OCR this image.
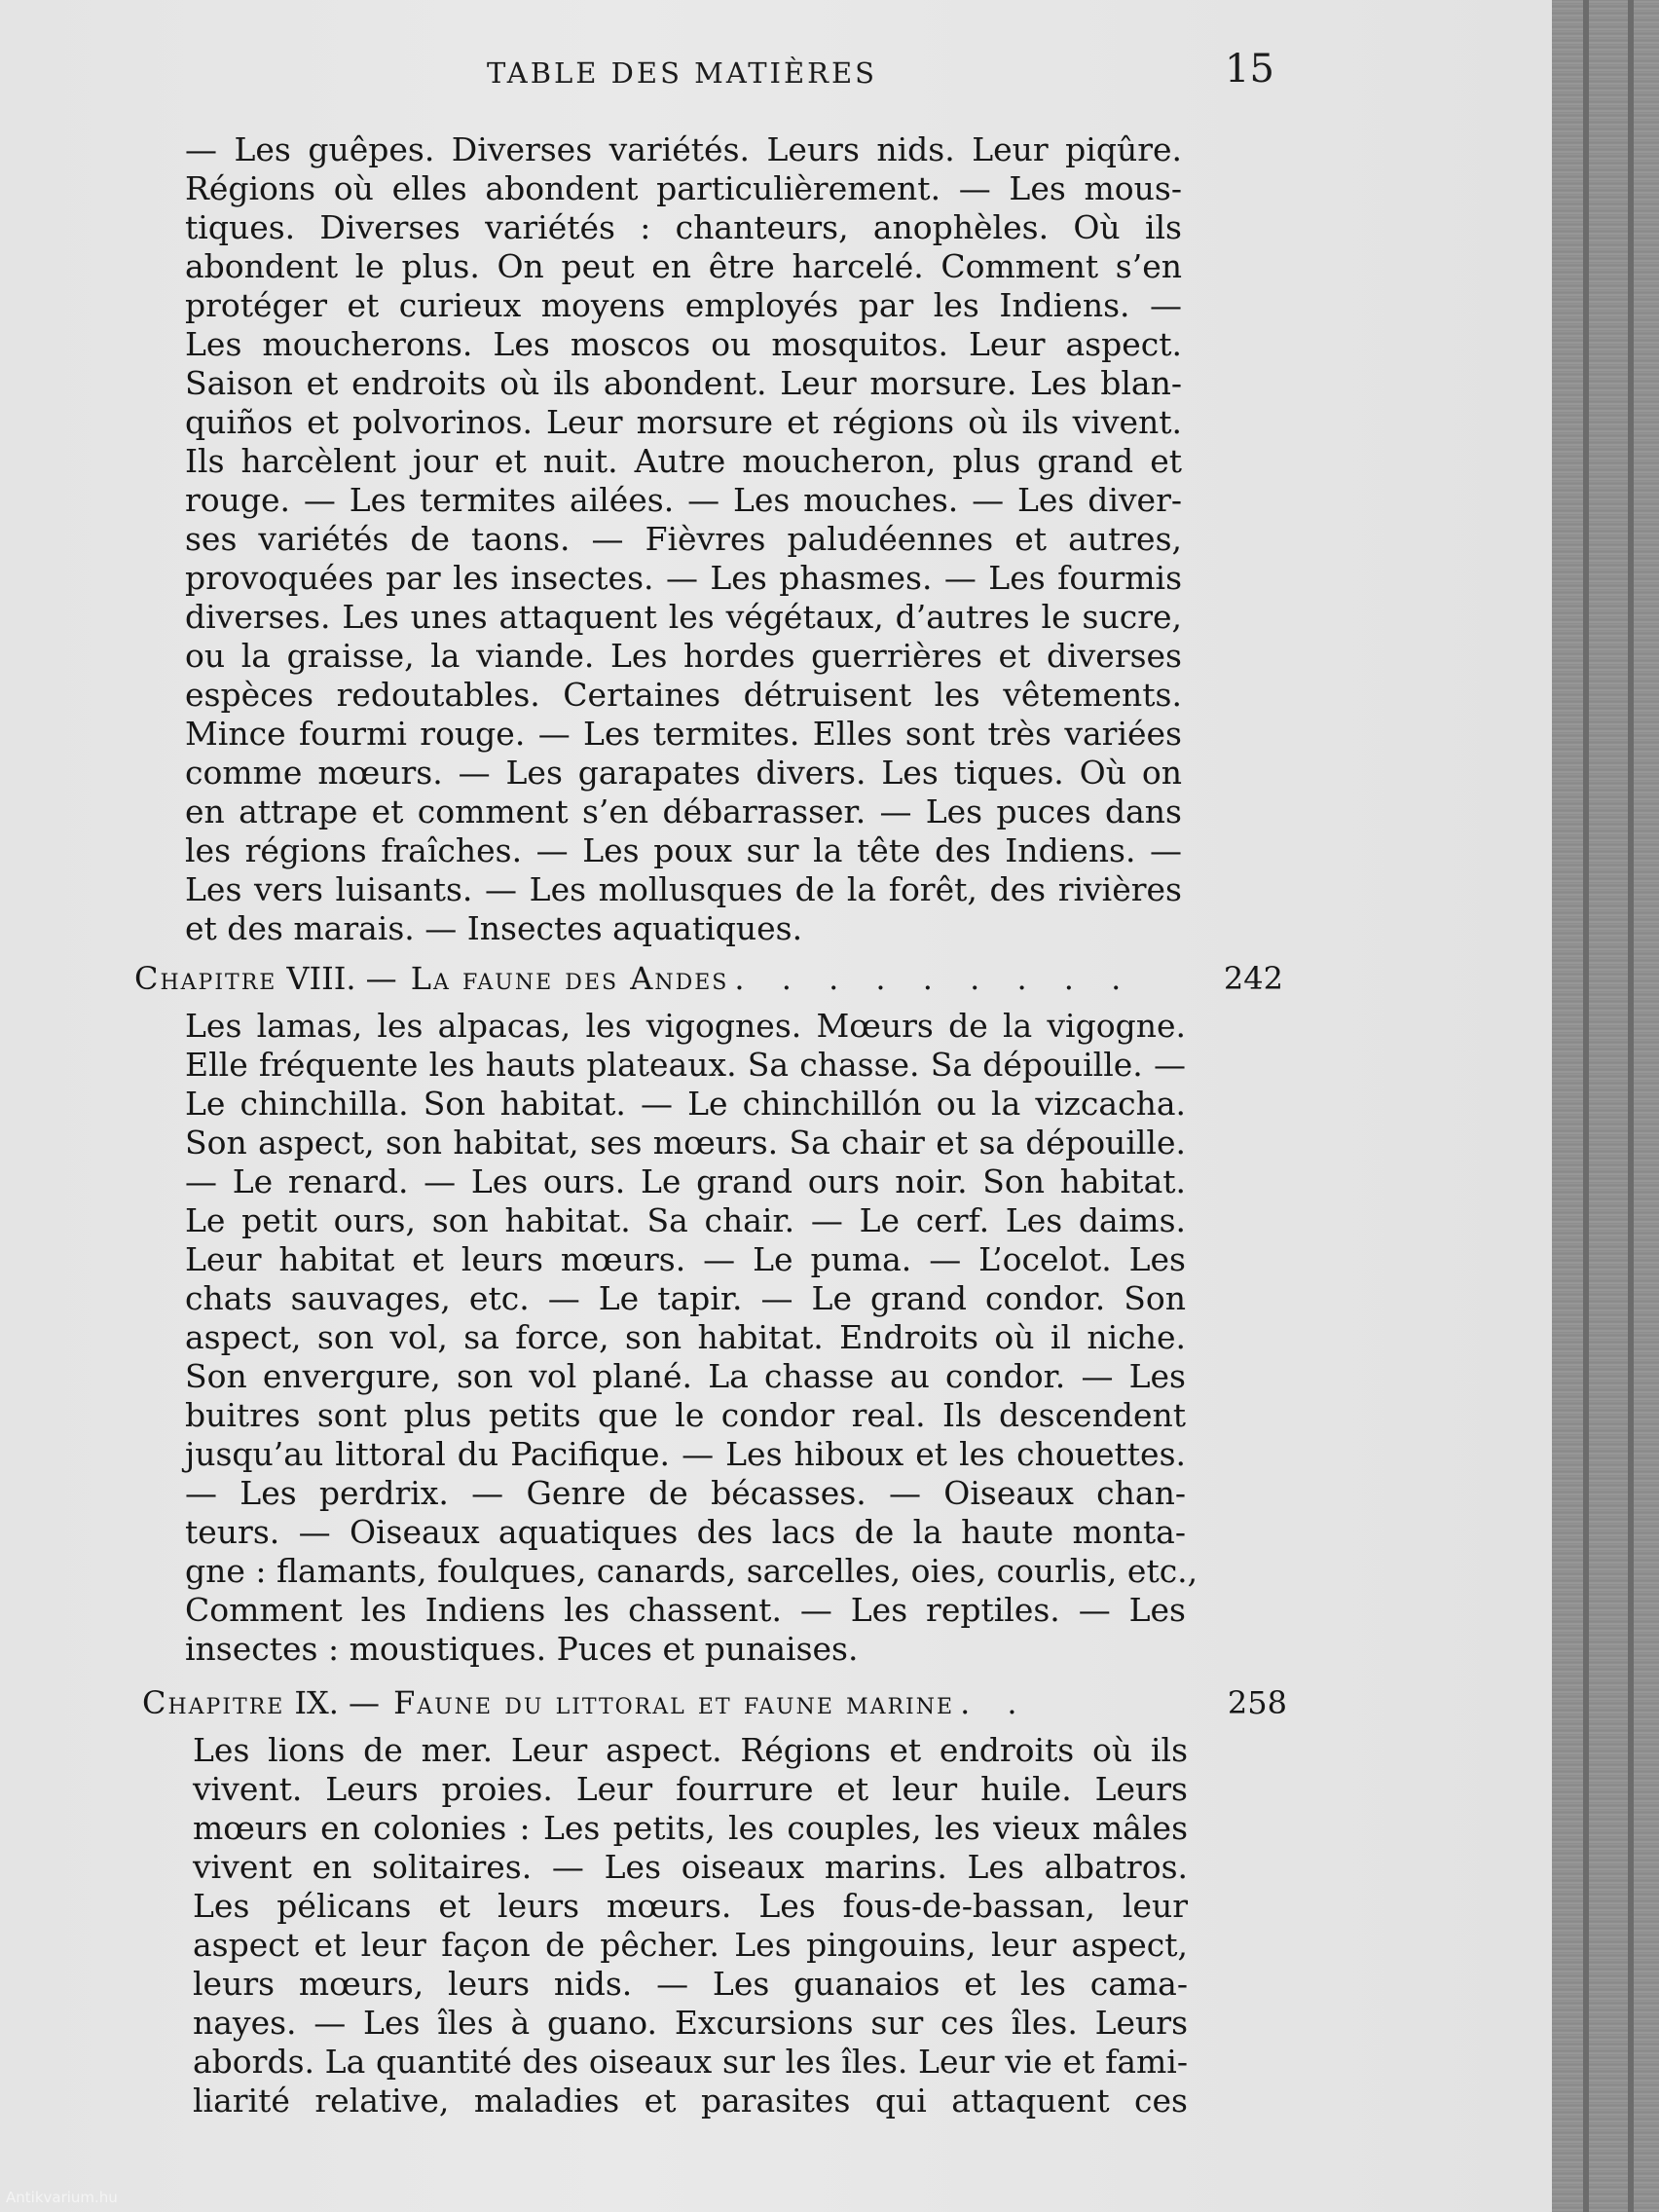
TABLE DES MATIÈRES	15
— Les guêpes. Diverses variétés. Leurs nids. Leur piqûre.
Régions où elles abondent particulièrement. — Les mous-
tiques. Diverses variétés : chanteurs, anophèles. Où ils
abondent le plus. On peut en être harcelé. Comment s’en
protéger et curieux moyens employés par les Indiens. —
Les moucherons. Les moscos ou mosquitos. Leur aspect.
Saison et endroits où ils abondent. Leur morsure. Les blan-
quiños et polvorinos. Leur morsure et régions où ils vivent.
Ils harcèlent jour et nuit. Autre moucheron, plus grand et
rouge. — Les termites ailées. — Les mouches. — Les diver-
ses variétés de taons. — Fièvres paludéennes et autres,
provoquées par les insectes. — Les phasmes. — Les fourmis
diverses. Les unes attaquent les végétaux, d’autres le sucre,
ou la graisse, la viande. Les hordes guerrières et diverses
espèces redoutables. Certaines détruisent les vêtements.
Mince fourmi rouge. — Les termites. Elles sont très variées
comme mœurs. — Les garapates divers. Les tiques. Où on
en attrape et comment s’en débarrasser. — Les puces dans
les régions fraîches. — Les poux sur la tête des Indiens. —
Les vers luisants. — Les mollusques de la forêt, des rivières
et des marais. — Insectes aquatiques.
Chapitre VIII. — La faune des Andes . . . . . . . . .	242
Les lamas, les alpacas, les vigognes. Mœurs de la vigogne.
Elle fréquente les hauts plateaux. Sa chasse. Sa dépouille. —
Le chinchilla. Son habitat. — Le chinchillón ou la vizcacha.
Son aspect, son habitat, ses mœurs. Sa chair et sa dépouille.
— Le renard. — Les ours. Le grand ours noir. Son habitat.
Le petit ours, son habitat. Sa chair. — Le cerf. Les daims.
Leur habitat et leurs mœurs. — Le puma. — L’ocelot. Les
chats sauvages, etc. — Le tapir. — Le grand condor. Son
aspect, son vol, sa force, son habitat. Endroits où il niche.
Son envergure, son vol plané. La chasse au condor. — Les
buitres sont plus petits que le condor real. Ils descendent
jusqu’au littoral du Pacifique. — Les hiboux et les chouettes.
— Les perdrix. — Genre de bécasses. — Oiseaux chan-
teurs. — Oiseaux aquatiques des lacs de la haute monta-
gne : flamants, foulques, canards, sarcelles, oies, courlis, etc.,
Comment les Indiens les chassent. — Les reptiles. — Les
insectes : moustiques. Puces et punaises.
Chapitre IX. — Faune du littoral et faune marine . .	258
Les lions de mer. Leur aspect. Régions et endroits où ils
vivent. Leurs proies. Leur fourrure et leur huile. Leurs
mœurs en colonies : Les petits, les couples, les vieux mâles
vivent en solitaires. — Les oiseaux marins. Les albatros.
Les pélicans et leurs mœurs. Les fous-de-bassan, leur
aspect et leur façon de pêcher. Les pingouins, leur aspect,
leurs mœurs, leurs nids. — Les guanaios et les cama-
nayes. — Les îles à guano. Excursions sur ces îles. Leurs
abords. La quantité des oiseaux sur les îles. Leur vie et fami-
liarité relative, maladies et parasites qui attaquent ces
Antikvarium.hu
